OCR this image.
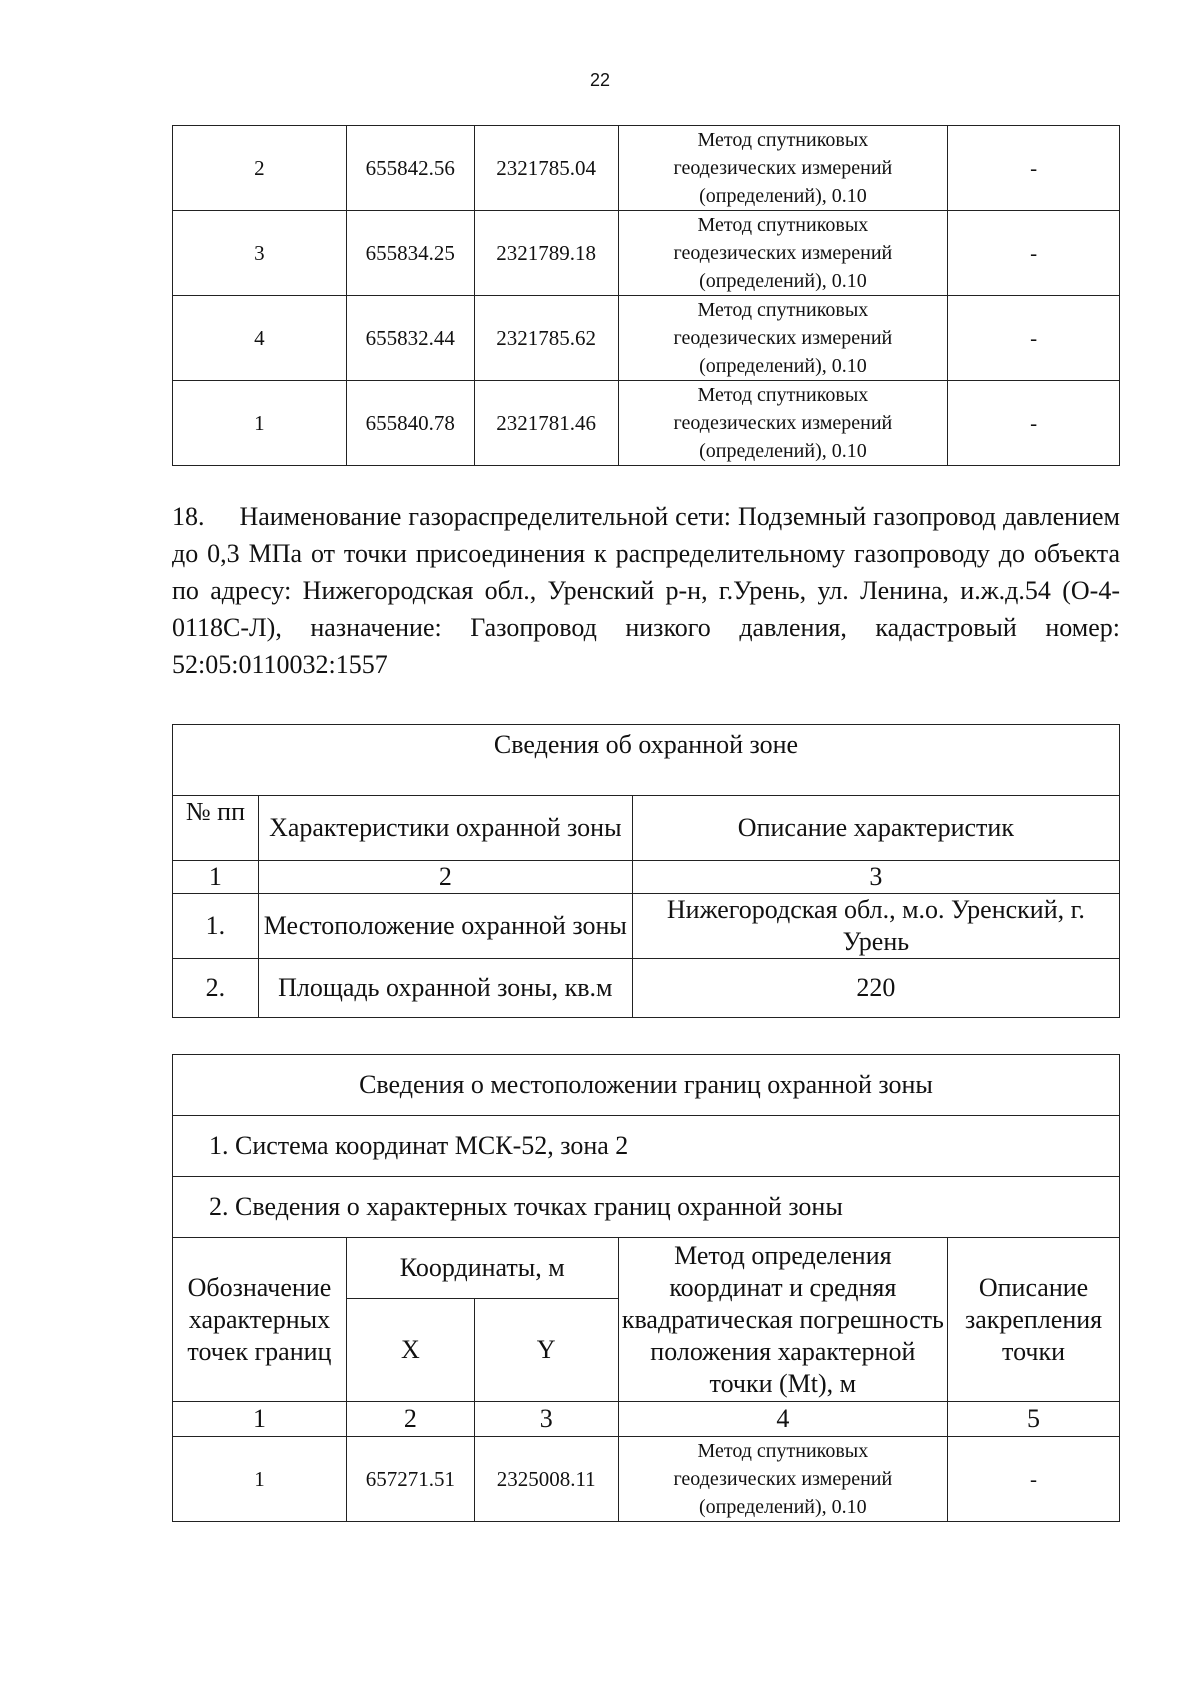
22
2	655842.56	2321785.04	Метод спутниковых
геодезических измерений
(определений), 0.10	-
3	655834.25	2321789.18	Метод спутниковых
геодезических измерений
(определений), 0.10	-
4	655832.44	2321785.62	Метод спутниковых
геодезических измерений
(определений), 0.10	-
1	655840.78	2321781.46	Метод спутниковых
геодезических измерений
(определений), 0.10	-
18.     Наименование газораспределительной сети: Подземный газопровод давлением до 0,3 МПа от точки присоединения к распределительному газопроводу до объекта по адресу: Нижегородская обл., Уренский р-н, г.Урень, ул. Ленина, и.ж.д.54 (О-4-0118С-Л), назначение: Газопровод низкого давления, кадастровый номер: 52:05:0110032:1557
Сведения об охранной зоне		
№ пп	Характеристики охранной зоны	Описание характеристик
1	2	3
1.	Местоположение охранной зоны	Нижегородская обл., м.о. Уренский, г. Урень
2.	Площадь охранной зоны, кв.м	220
Сведения о местоположении границ охранной зоны				
1. Система координат МСК-52, зона 2				
2. Сведения о характерных точках границ охранной зоны				
Обозначение характерных точек границ	Координаты, м		Метод определения координат и средняя квадратическая погрешность положения характерной точки (Mt), м	Описание закрепления точки
	X	Y		
1	2	3	4	5
1	657271.51	2325008.11	Метод спутниковых
геодезических измерений
(определений), 0.10	-
